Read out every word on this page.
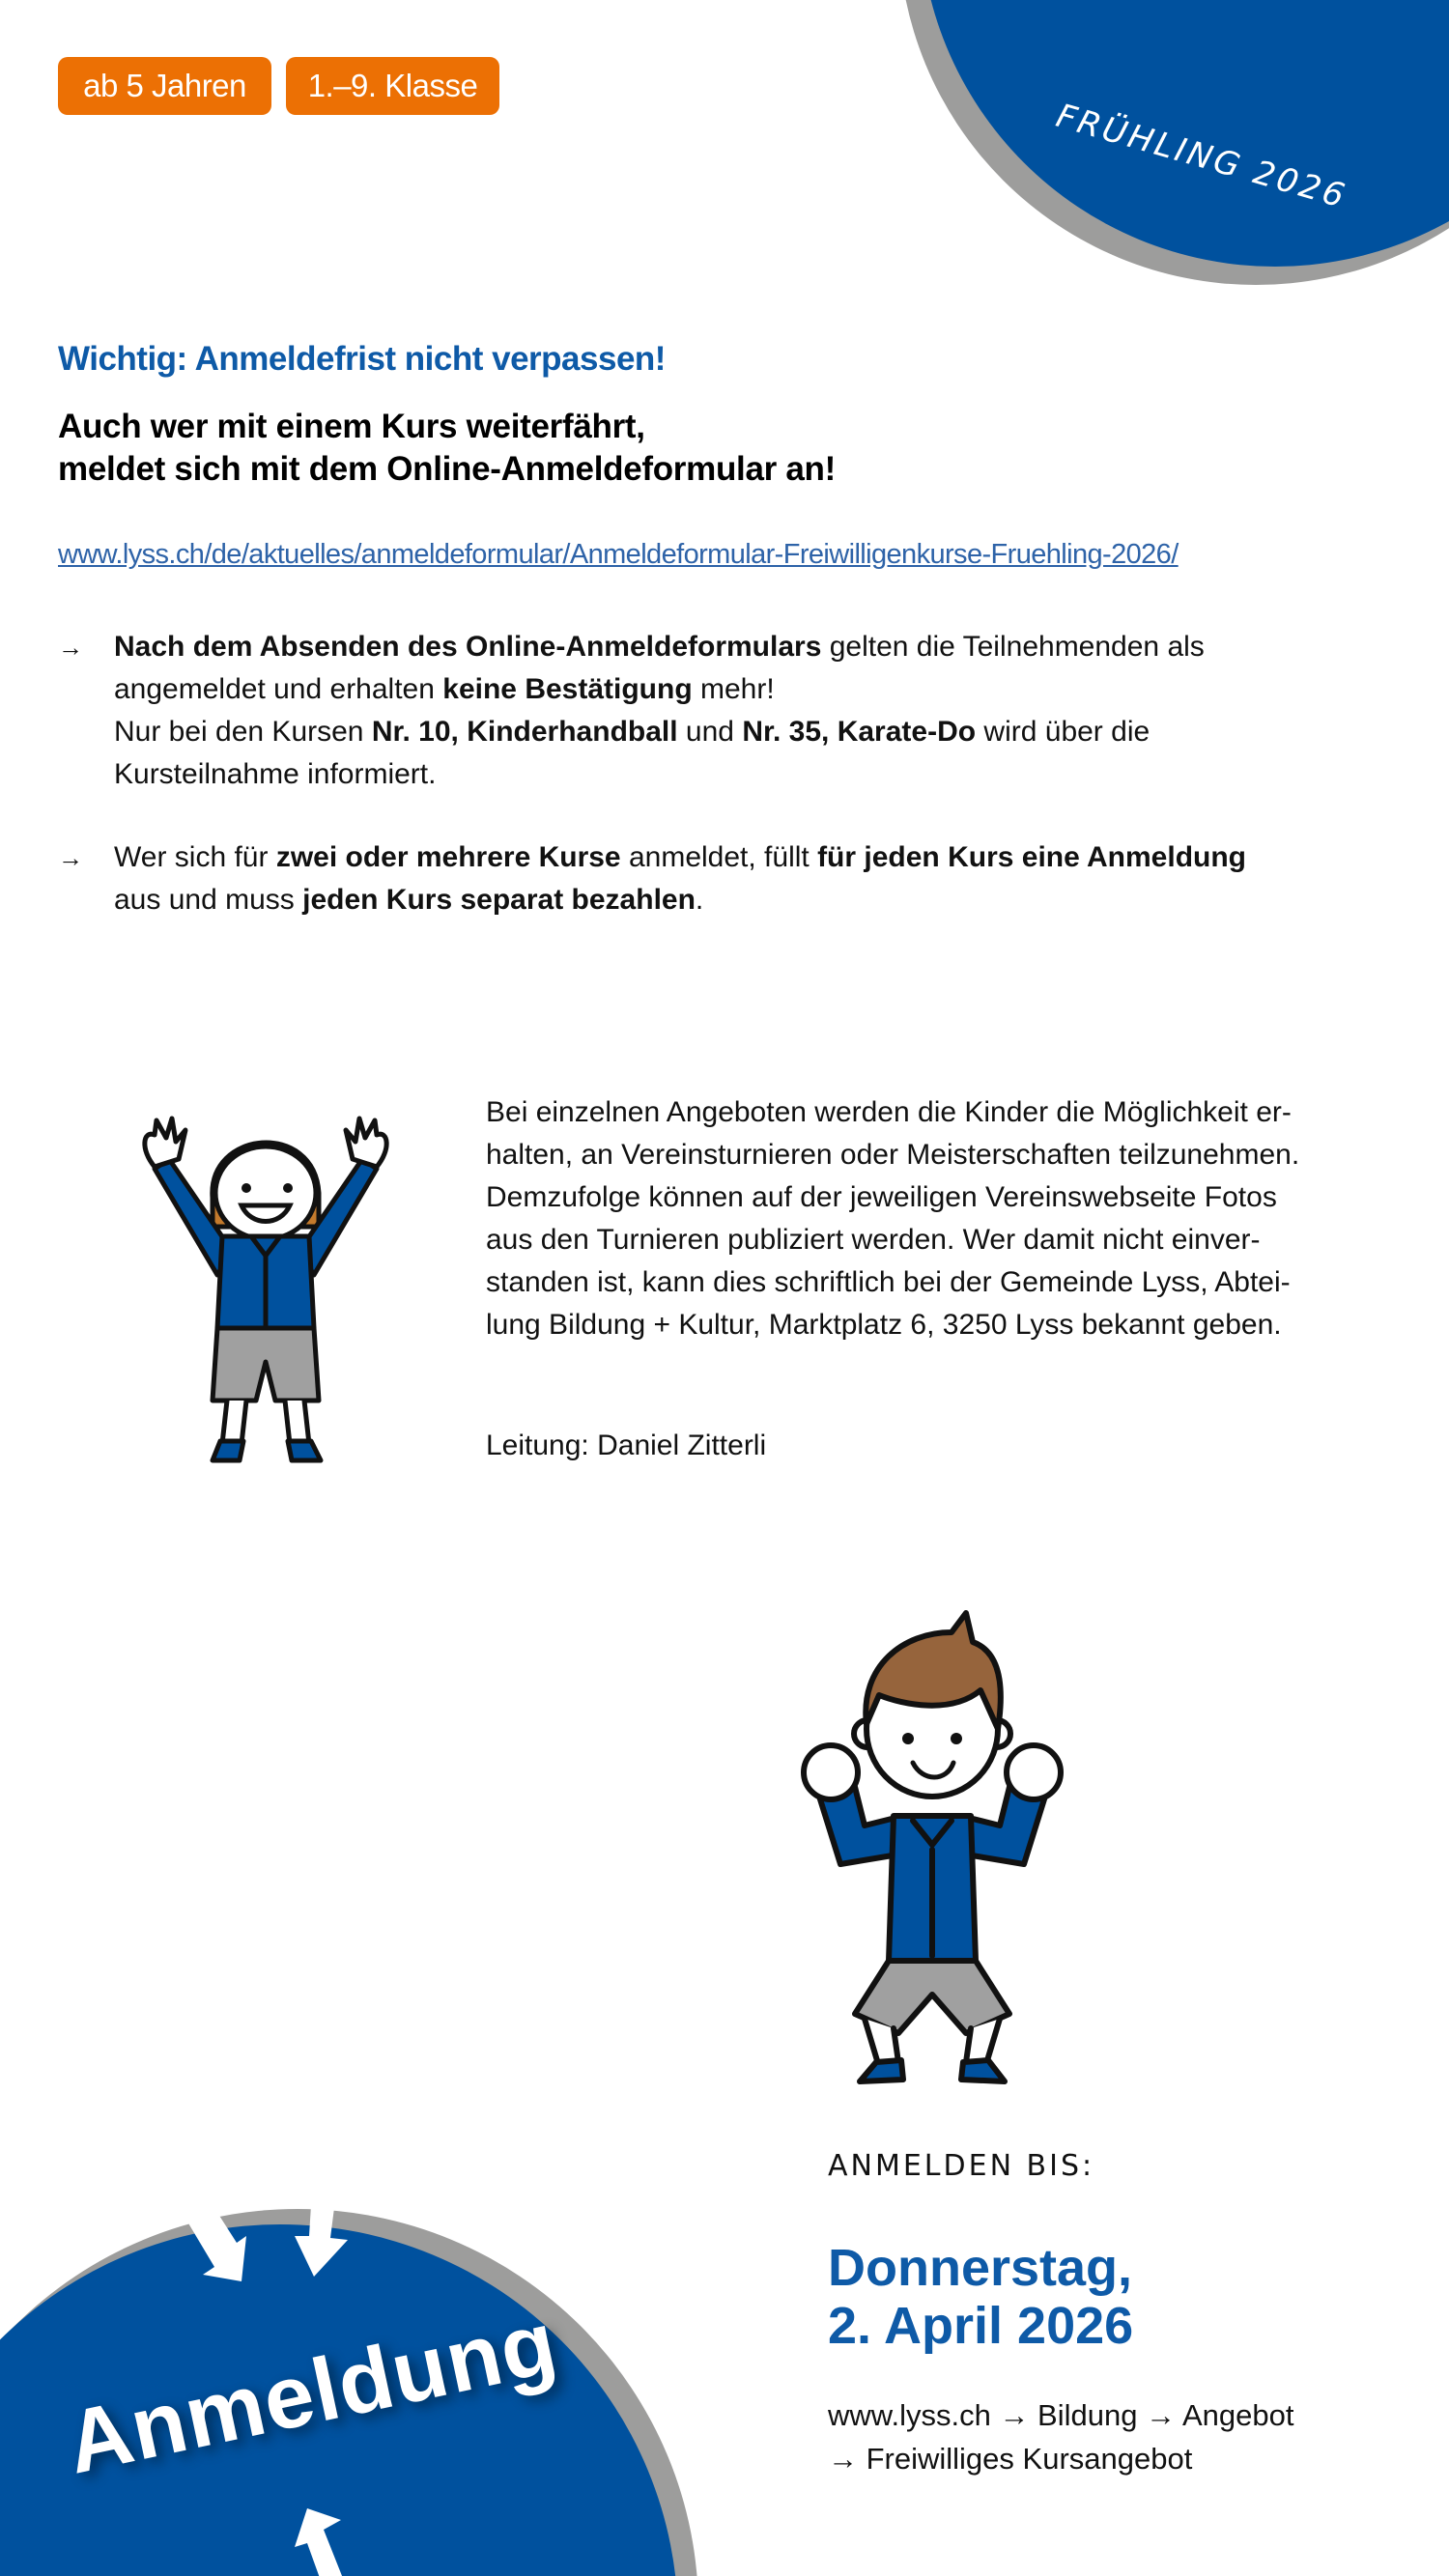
FRÜHLING 2026
ab 5 Jahren	1.–9. Klasse
Wichtig: Anmeldefrist nicht verpassen!
Auch wer mit einem Kurs weiterfährt,
meldet sich mit dem Online-Anmeldeformular an!
www.lyss.ch/de/aktuelles/anmeldeformular/Anmeldeformular-Freiwilligenkurse-Fruehling-2026/
→ Nach dem Absenden des Online-Anmeldeformulars gelten die Teilnehmenden als angemeldet und erhalten keine Bestätigung mehr!
Nur bei den Kursen Nr. 10, Kinderhandball und Nr. 35, Karate-Do wird über die Kursteilnahme informiert.
→ Wer sich für zwei oder mehrere Kurse anmeldet, füllt für jeden Kurs eine Anmeldung aus und muss jeden Kurs separat bezahlen.
Bei einzelnen Angeboten werden die Kinder die Möglichkeit er-
halten, an Vereinsturnieren oder Meisterschaften teilzunehmen.
Demzufolge können auf der jeweiligen Vereinswebseite Fotos
aus den Turnieren publiziert werden. Wer damit nicht einver-
standen ist, kann dies schriftlich bei der Gemeinde Lyss, Abtei-
lung Bildung + Kultur, Marktplatz 6, 3250 Lyss bekannt geben.
Leitung: Daniel Zitterli
Anmeldung
ANMELDEN BIS:
Donnerstag,
2. April 2026
www.lyss.ch → Bildung → Angebot
→ Freiwilliges Kursangebot
